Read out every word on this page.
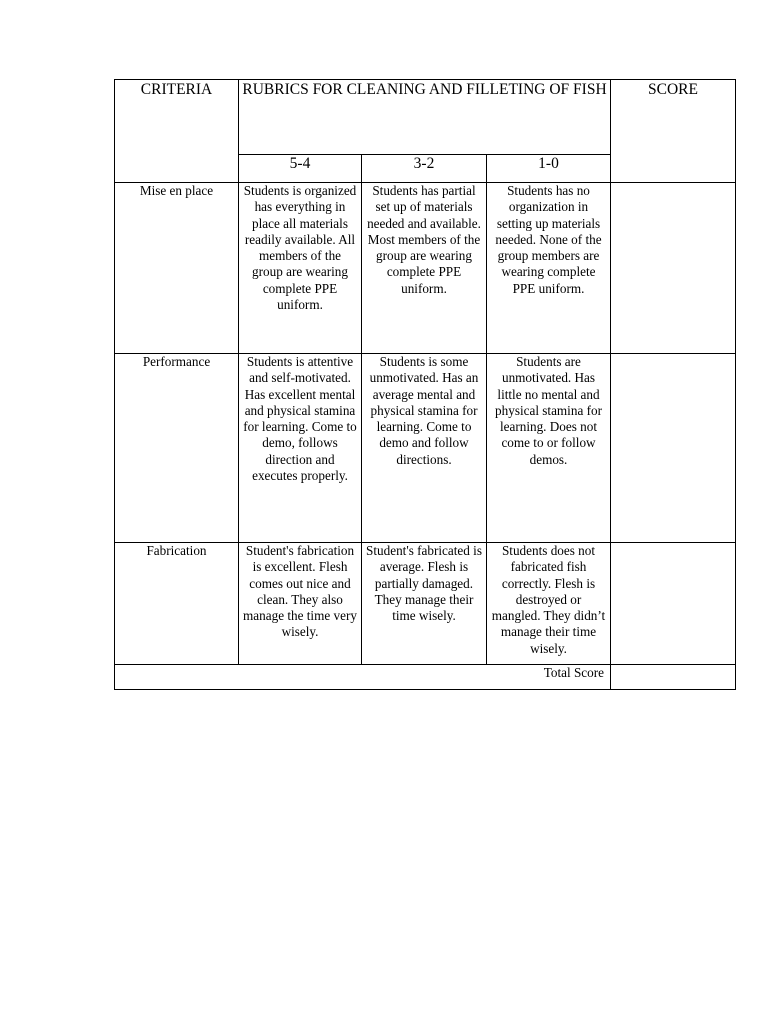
CRITERIA	RUBRICS FOR CLEANING AND FILLETING OF FISH			SCORE
	5-4	3-2	1-0	
Mise en place	Students is organized has everything in place all materials readily available. All members of the group are wearing complete PPE uniform.	Students has partial set up of materials needed and available. Most members of the group are wearing complete PPE uniform.	Students has no organization in setting up materials needed. None of the group members are wearing complete PPE uniform.	
Performance	Students is attentive and self-motivated. Has excellent mental and physical stamina for learning. Come to demo, follows direction and executes properly.	Students is some unmotivated. Has an average mental and physical stamina for learning. Come to demo and follow directions.	Students are unmotivated. Has little no mental and physical stamina for learning. Does not come to or follow demos.	
Fabrication	Student's fabrication is excellent. Flesh comes out nice and clean. They also manage the time very wisely.	Student's fabricated is average. Flesh is partially damaged. They manage their time wisely.	Students does not fabricated fish correctly. Flesh is destroyed or mangled. They didn’t manage their time wisely.	
Total Score				
